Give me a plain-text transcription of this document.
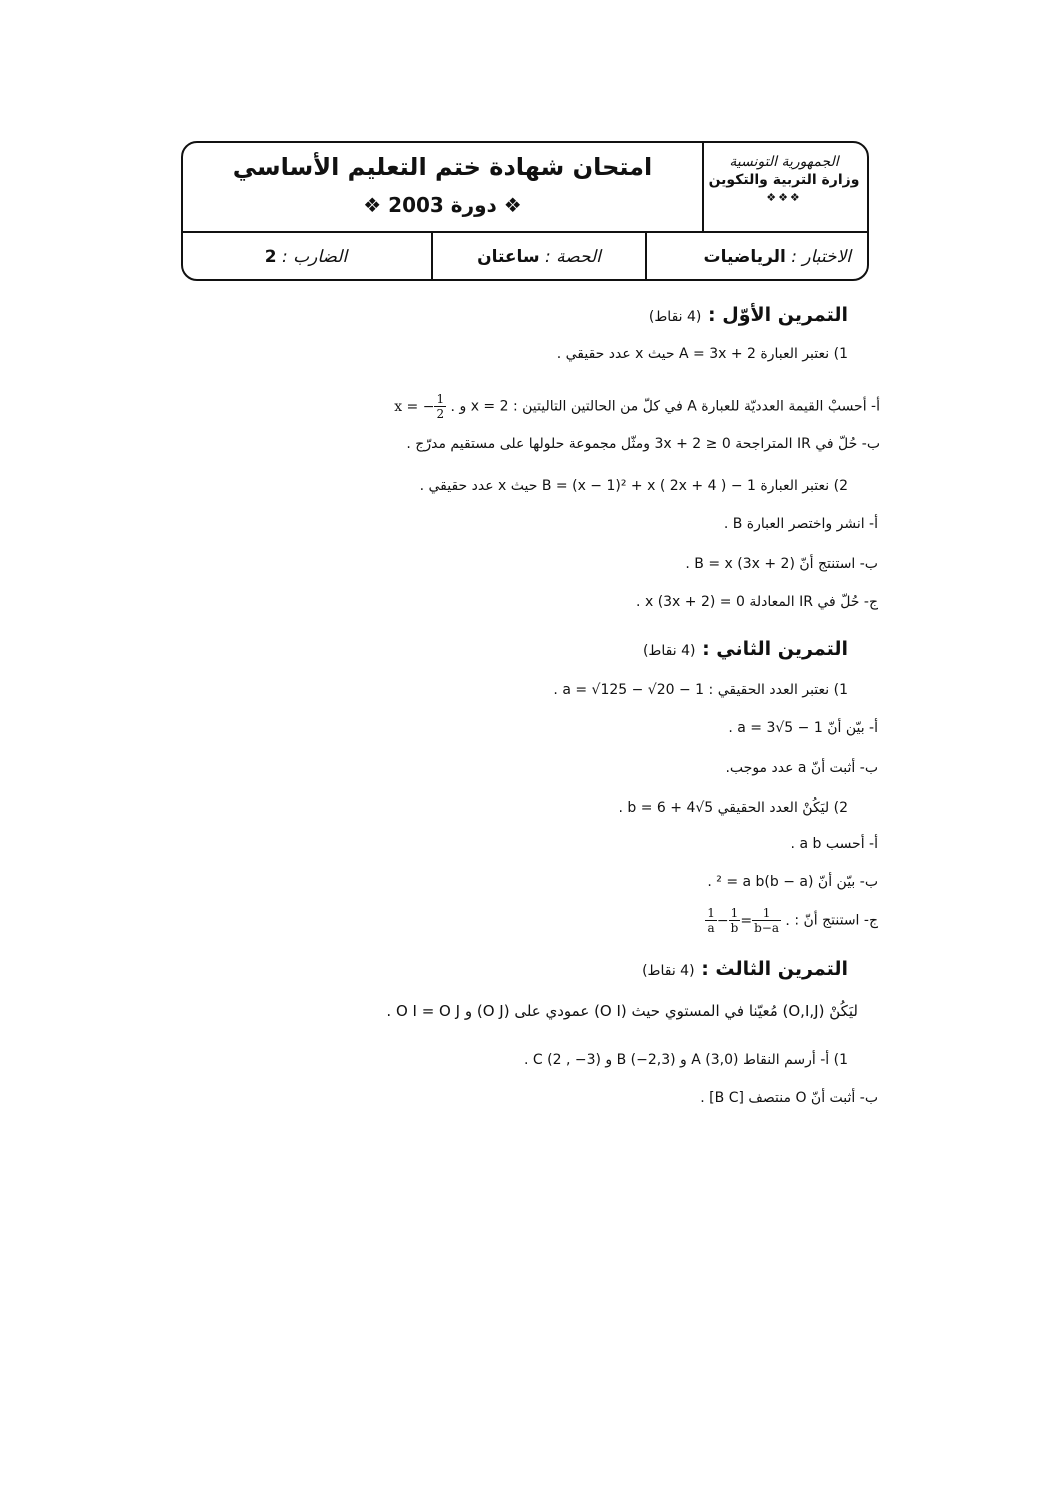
الجمهورية التونسية
وزارة التربية والتكوين
❖❖❖
امتحان شهادة ختم التعليم الأساسي
❖ دورة 2003 ❖
الاختبار : الرياضيات
الحصة : ساعتان
الضارب : 2
التمرين الأوّل : (4 نقاط)
1) نعتبر العبارة A = 3x + 2 حيث x عدد حقيقي .
أ- أحسبْ القيمة العدديّة للعبارة A في كلّ من الحالتين التاليتين : x = 2 و x = − $\frac{1}{2}$ .
ب- حُلّ في IR المتراجحة 3x + 2 ≥ 0 ومثّل مجموعة حلولها على مستقيم مدرّج .
2) نعتبر العبارة B = (x − 1)² + x ( 2x + 4 ) − 1 حيث x عدد حقيقي .
أ- انشر واختصر العبارة B .
ب- استنتج أنّ B = x (3x + 2) .
ج- حُلّ في IR المعادلة x (3x + 2) = 0 .
التمرين الثاني : (4 نقاط)
1) نعتبر العدد الحقيقي : a = √125 − √20 − 1 .
أ- بيّن أنّ a = 3√5 − 1 .
ب- أثبت أنّ a عدد موجب.
2) ليَكُنْ العدد الحقيقي b = 6 + 4√5 .
أ- أحسب a b .
ب- بيّن أنّ (b − a)² = a b .
ج- استنتج أنّ :
$\frac{1}{a} - \frac{1}{b} = \frac{1}{b-a}$ .
التمرين الثالث : (4 نقاط)
ليَكُنْ (O,I,J) مُعيّنا في المستوي حيث (O I) عمودي على (O J) و O I = O J .
1) أ- أرسم النقاط A (3,0) و B (−2,3) و C (2 , −3) .
ب- أثبت أنّ O منتصف [B C] .
